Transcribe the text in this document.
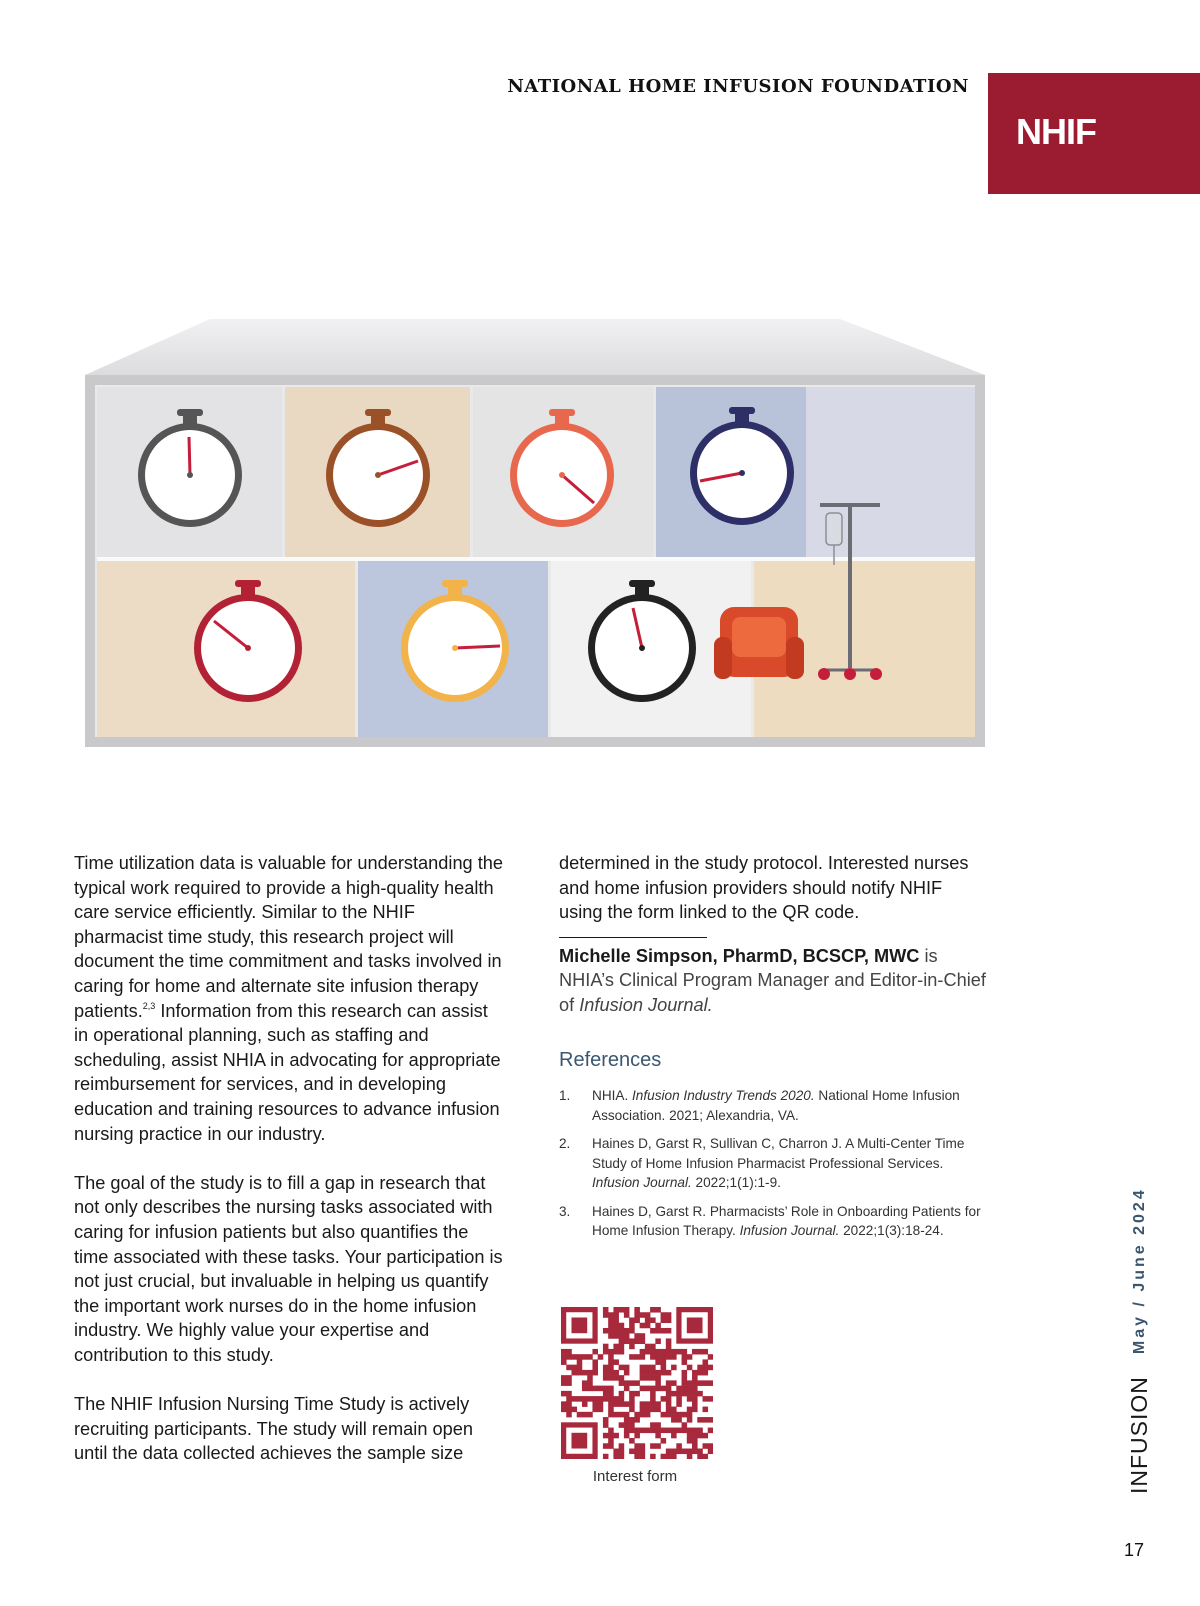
NATIONAL HOME INFUSION FOUNDATION
NHIF

Time utilization data is valuable for understanding the typical work required to provide a high-quality health care service efficiently. Similar to the NHIF pharmacist time study, this research project will document the time commitment and tasks involved in caring for home and alternate site infusion therapy patients.$^{2,3}$ Information from this research can assist in operational planning, such as staffing and scheduling, assist NHIA in advocating for appropriate reimbursement for services, and in developing education and training resources to advance infusion nursing practice in our industry.

The goal of the study is to fill a gap in research that not only describes the nursing tasks associated with caring for infusion patients but also quantifies the time associated with these tasks. Your participation is not just crucial, but invaluable in helping us quantify the important work nurses do in the home infusion industry. We highly value your expertise and contribution to this study.

The NHIF Infusion Nursing Time Study is actively recruiting participants. The study will remain open until the data collected achieves the sample size

determined in the study protocol. Interested nurses and home infusion providers should notify NHIF using the form linked to the QR code.

Michelle Simpson, PharmD, BCSCP, MWC is NHIA’s Clinical Program Manager and Editor-in-Chief of Infusion Journal.
References
1. NHIA. Infusion Industry Trends 2020. National Home Infusion Association. 2021; Alexandria, VA.
2. Haines D, Garst R, Sullivan C, Charron J. A Multi-Center Time Study of Home Infusion Pharmacist Professional Services. Infusion Journal. 2022;1(1):1-9.
3. Haines D, Garst R. Pharmacists’ Role in Onboarding Patients for Home Infusion Therapy. Infusion Journal. 2022;1(3):18-24.
Interest form	INFUSION
May / June 2024
17
